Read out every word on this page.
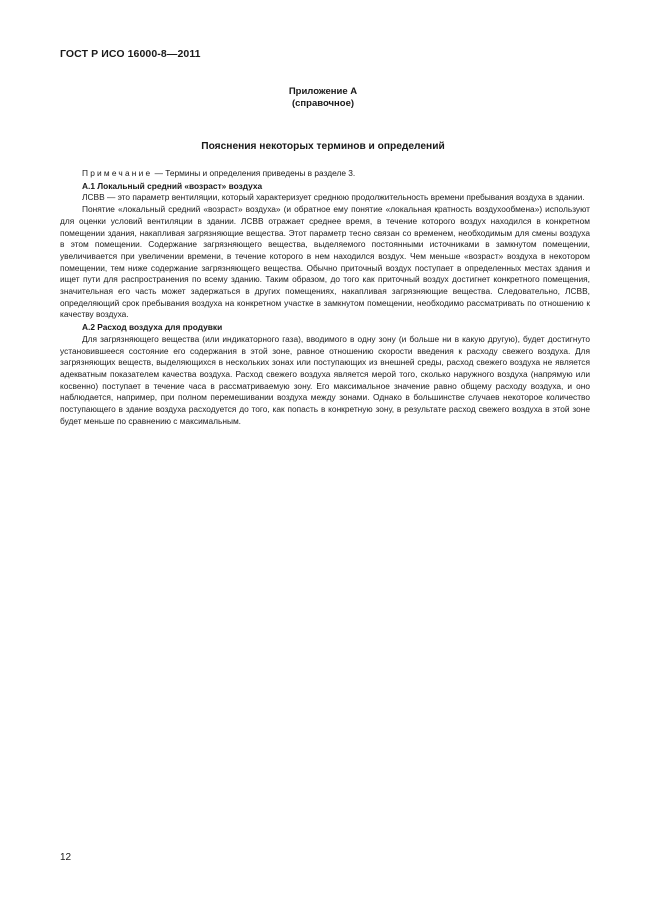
ГОСТ Р ИСО 16000-8—2011
Приложение А
(справочное)
Пояснения некоторых терминов и определений
Примечание — Термины и определения приведены в разделе 3.
А.1 Локальный средний «возраст» воздуха

ЛСВВ — это параметр вентиляции, который характеризует среднюю продолжительность времени пребывания воздуха в здании.

Понятие «локальный средний «возраст» воздуха» (и обратное ему понятие «локальная кратность воздухообмена») используют для оценки условий вентиляции в здании. ЛСВВ отражает среднее время, в течение которого воздух находился в конкретном помещении здания, накапливая загрязняющие вещества. Этот параметр тесно связан со временем, необходимым для смены воздуха в этом помещении. Содержание загрязняющего вещества, выделяемого постоянными источниками в замкнутом помещении, увеличивается при увеличении времени, в течение которого в нем находился воздух. Чем меньше «возраст» воздуха в некотором помещении, тем ниже содержание загрязняющего вещества. Обычно приточный воздух поступает в определенных местах здания и ищет пути для распространения по всему зданию. Таким образом, до того как приточный воздух достигнет конкретного помещения, значительная его часть может задержаться в других помещениях, накапливая загрязняющие вещества. Следовательно, ЛСВВ, определяющий срок пребывания воздуха на конкретном участке в замкнутом помещении, необходимо рассматривать по отношению к качеству воздуха.

А.2 Расход воздуха для продувки

Для загрязняющего вещества (или индикаторного газа), вводимого в одну зону (и больше ни в какую другую), будет достигнуто установившееся состояние его содержания в этой зоне, равное отношению скорости введения к расходу свежего воздуха. Для загрязняющих веществ, выделяющихся в нескольких зонах или поступающих из внешней среды, расход свежего воздуха не является адекватным показателем качества воздуха. Расход свежего воздуха является мерой того, сколько наружного воздуха (напрямую или косвенно) поступает в течение часа в рассматриваемую зону. Его максимальное значение равно общему расходу воздуха, и оно наблюдается, например, при полном перемешивании воздуха между зонами. Однако в большинстве случаев некоторое количество поступающего в здание воздуха расходуется до того, как попасть в конкретную зону, в результате расход свежего воздуха в этой зоне будет меньше по сравнению с максимальным.

12
